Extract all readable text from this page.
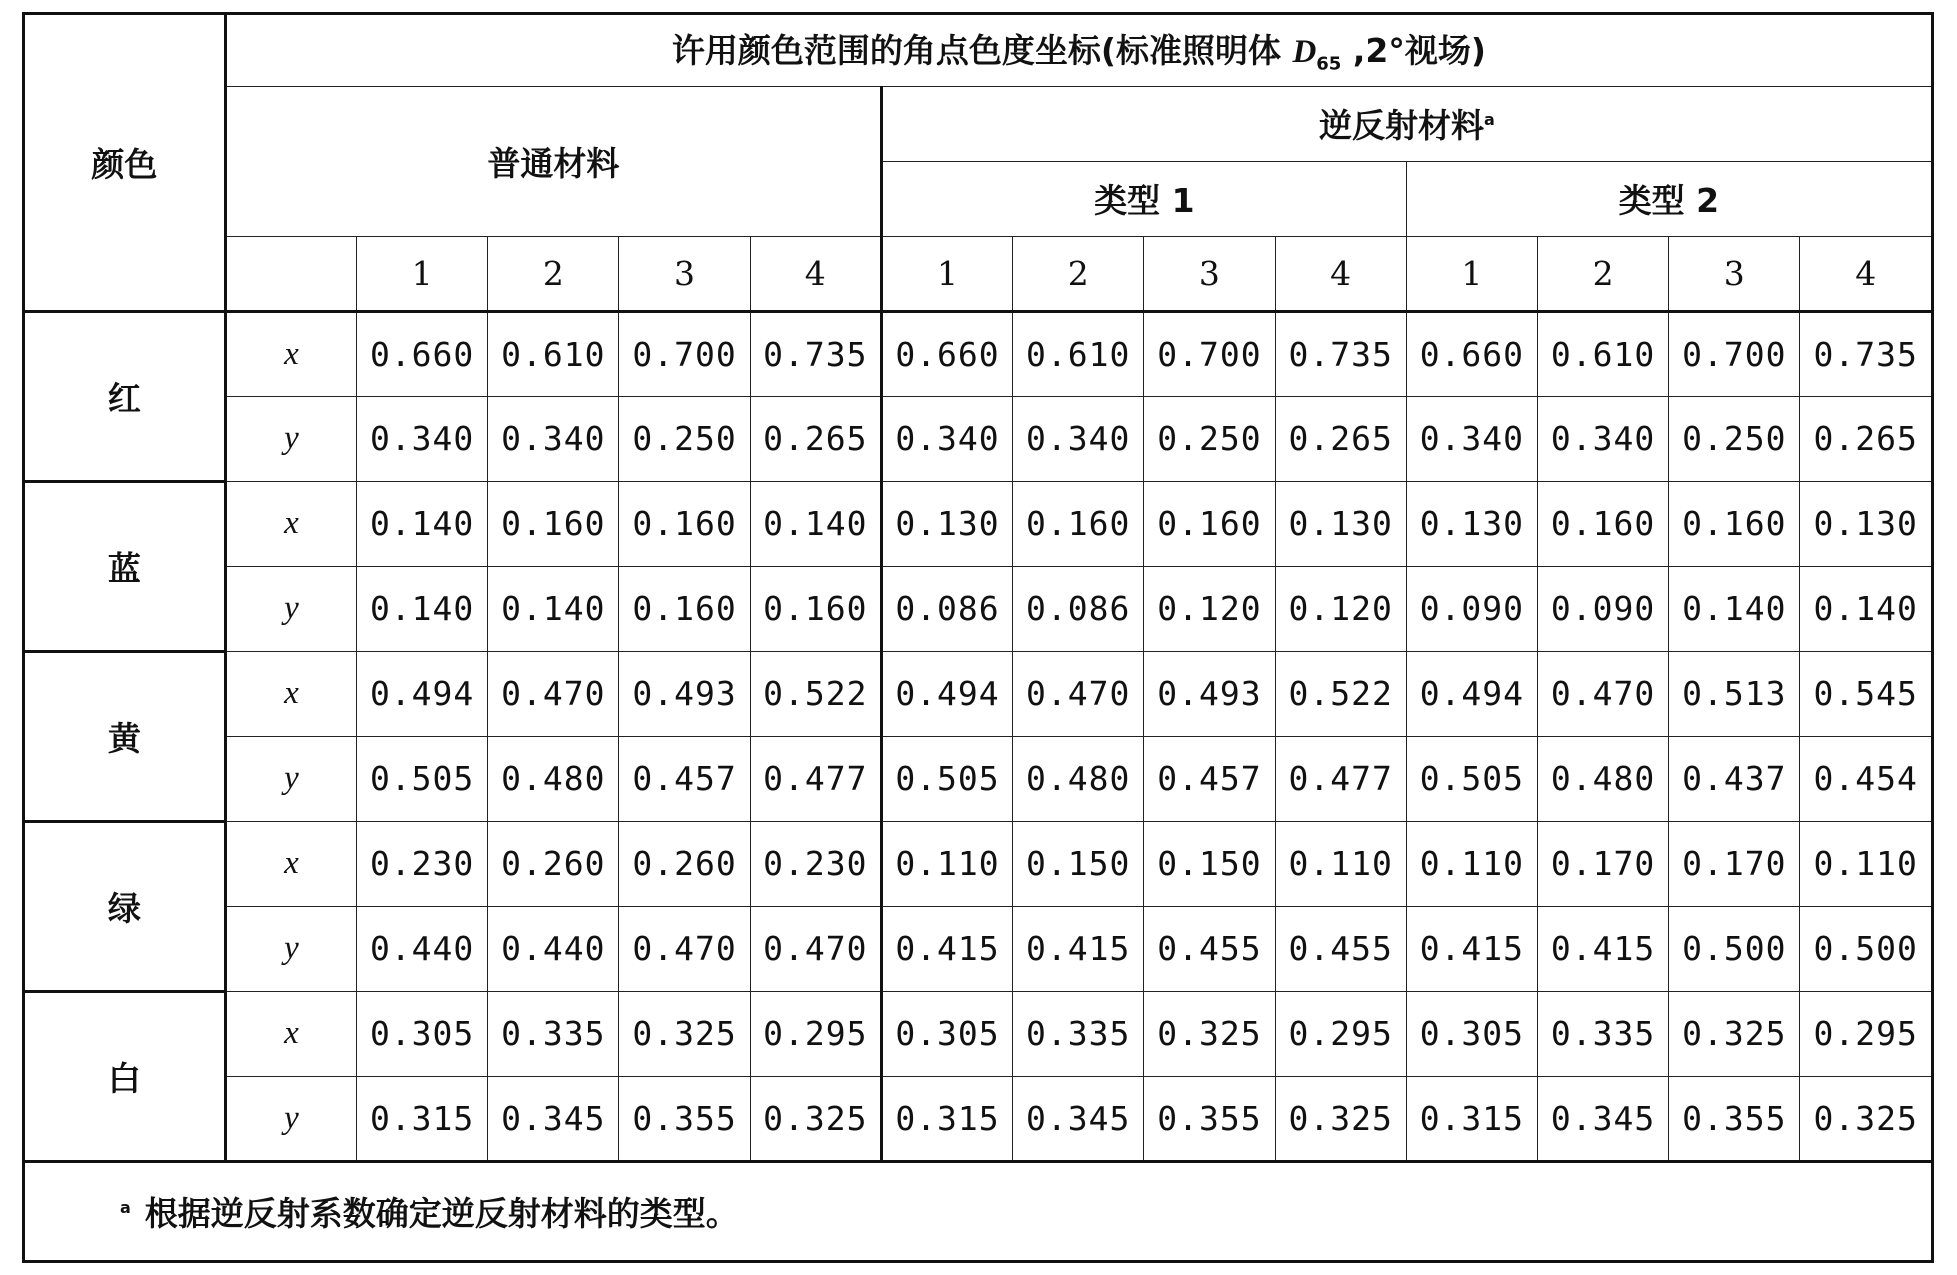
颜色	许用颜色范围的角点色度坐标(标准照明体 $D_{65}$ ,2°视场)												
	普通材料					逆反射材料$^a$
						类型 1				类型 2			
		1	2	3	4	1	2	3	4	1	2	3	4
红	x	0.660	0.610	0.700	0.735	0.660	0.610	0.700	0.735	0.660	0.610	0.700	0.735
	y	0.340	0.340	0.250	0.265	0.340	0.340	0.250	0.265	0.340	0.340	0.250	0.265
蓝	x	0.140	0.160	0.160	0.140	0.130	0.160	0.160	0.130	0.130	0.160	0.160	0.130
	y	0.140	0.140	0.160	0.160	0.086	0.086	0.120	0.120	0.090	0.090	0.140	0.140
黄	x	0.494	0.470	0.493	0.522	0.494	0.470	0.493	0.522	0.494	0.470	0.513	0.545
	y	0.505	0.480	0.457	0.477	0.505	0.480	0.457	0.477	0.505	0.480	0.437	0.454
绿	x	0.230	0.260	0.260	0.230	0.110	0.150	0.150	0.110	0.110	0.170	0.170	0.110
	y	0.440	0.440	0.470	0.470	0.415	0.415	0.455	0.455	0.415	0.415	0.500	0.500
白	x	0.305	0.335	0.325	0.295	0.305	0.335	0.325	0.295	0.305	0.335	0.325	0.295
	y	0.315	0.345	0.355	0.325	0.315	0.345	0.355	0.325	0.315	0.345	0.355	0.325
$^a$ 根据逆反射系数确定逆反射材料的类型。													
